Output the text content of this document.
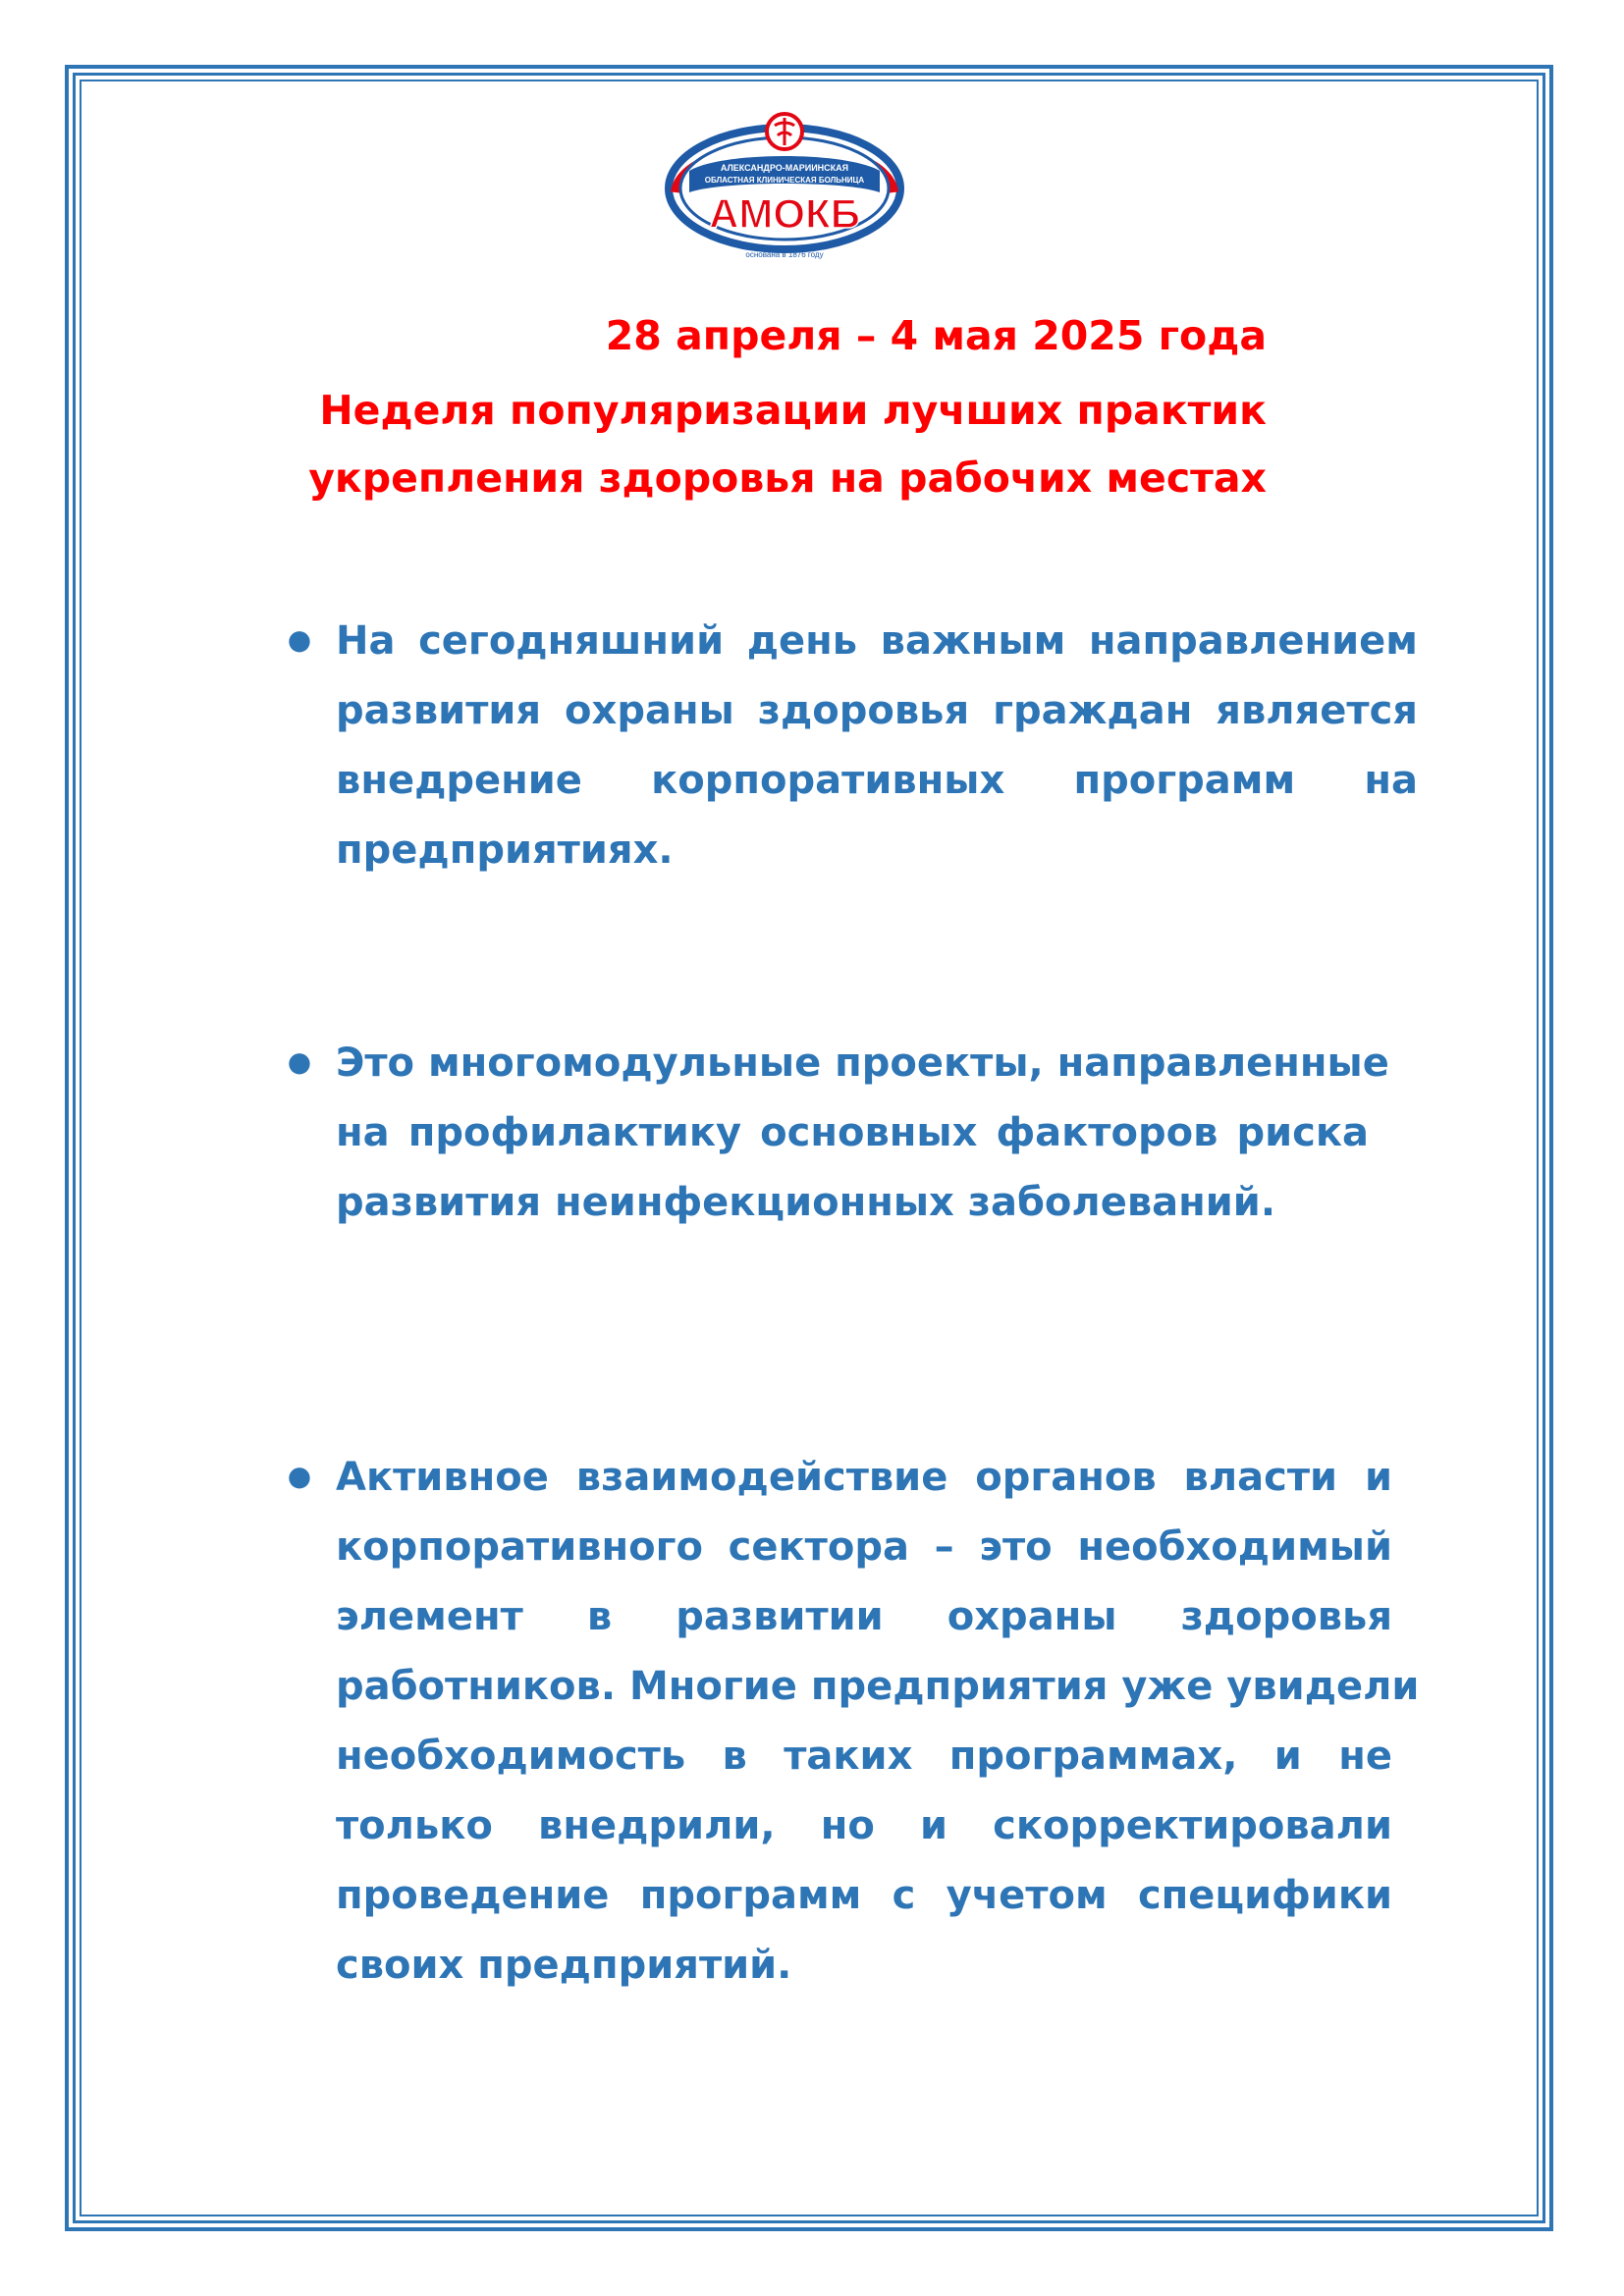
АЛЕКСАНДРО-МАРИИНСКАЯ
ОБЛАСТНАЯ КЛИНИЧЕСКАЯ БОЛЬНИЦА
АМОКБ
основана в 1876 году

28 апреля – 4 мая 2025 года

Неделя популяризации лучших практик

укрепления здоровья на рабочих местах

● На сегодняшний день важным направлением
развития охраны здоровья граждан является
внедрение корпоративных программ на
предприятиях.
● Это многомодульные проекты, направленные
на профилактику основных факторов риска
развития неинфекционных заболеваний.
● Активное взаимодействие органов власти и
корпоративного сектора – это необходимый
элемент в развитии охраны здоровья
работников. Многие предприятия уже увидели
необходимость в таких программах, и не
только внедрили, но и скорректировали
проведение программ с учетом специфики
своих предприятий.
